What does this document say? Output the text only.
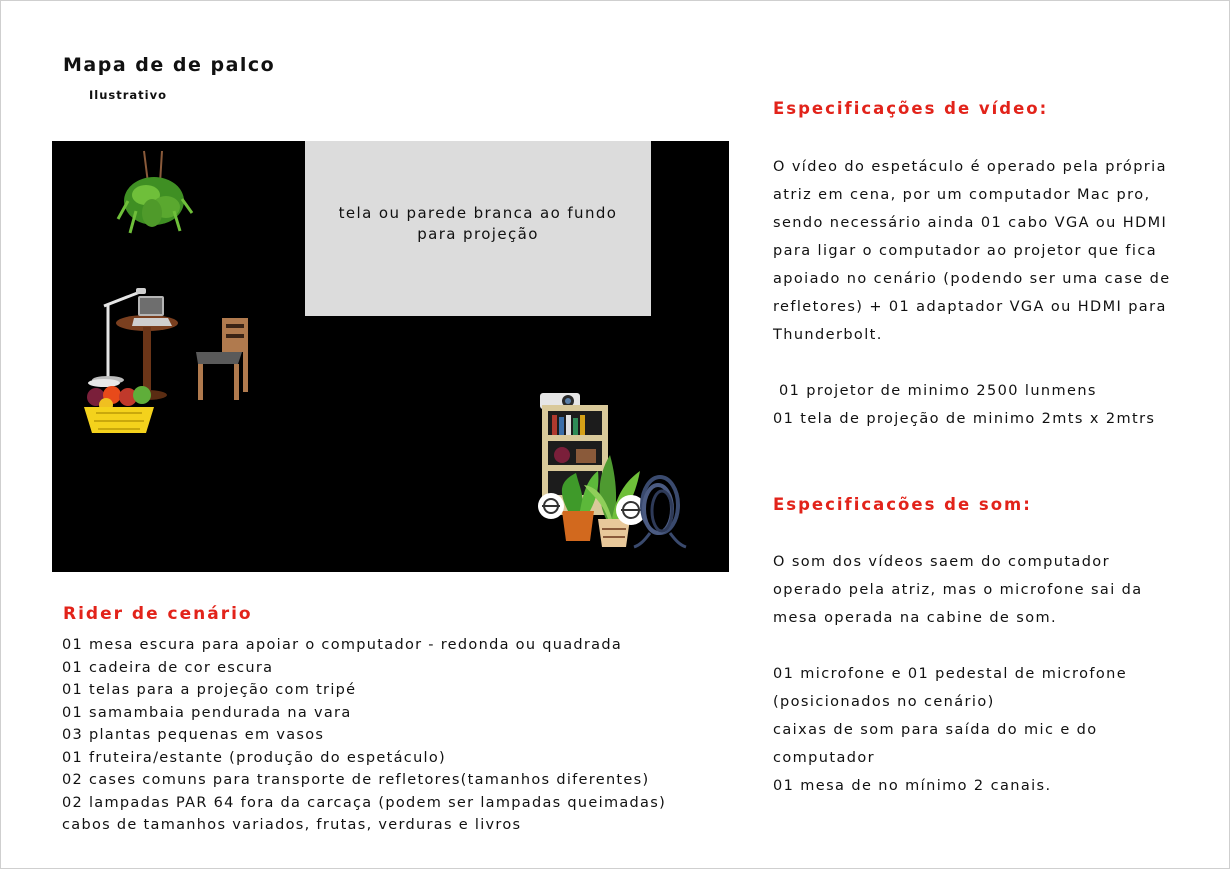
Mapa de de palco
Ilustrativo
tela ou parede branca ao fundo para projeção
Rider de cenário
01 mesa escura para apoiar o computador - redonda ou quadrada
01 cadeira de cor escura
01 telas para a projeção com tripé
01 samambaia pendurada na vara
03 plantas pequenas em vasos
01 fruteira/estante (produção do espetáculo)
02 cases comuns para transporte de refletores(tamanhos diferentes)
02 lampadas PAR 64 fora da carcaça (podem ser lampadas queimadas)
cabos de tamanhos variados, frutas, verduras e livros
Especificações de vídeo:
O vídeo do espetáculo é operado pela própria
atriz em cena, por um computador Mac pro,
sendo necessário ainda 01 cabo VGA ou HDMI
para ligar o computador ao projetor que fica
apoiado no cenário (podendo ser uma case de
refletores) + 01 adaptador VGA ou HDMI para
Thunderbolt.
01 projetor de minimo 2500 lunmens
01 tela de projeção de minimo 2mts x 2mtrs
Especificacões de som:
O som dos vídeos saem do computador
operado pela atriz, mas o microfone sai da
mesa operada na cabine de som.
01 microfone e 01 pedestal de microfone
(posicionados no cenário)
caixas de som para saída do mic e do
computador
01 mesa de no mínimo 2 canais.
